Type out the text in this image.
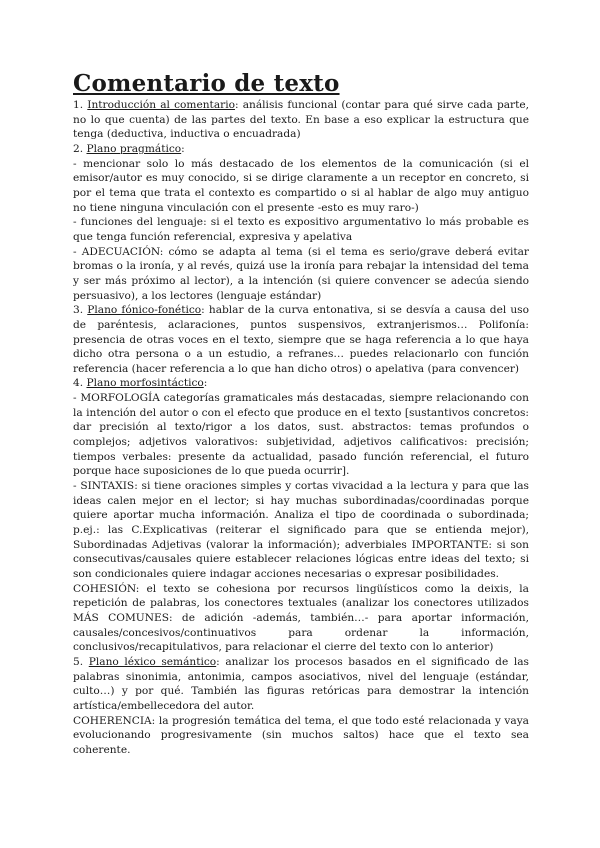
Comentario de texto

1. Introducción al comentario: análisis funcional (contar para qué sirve cada parte, no lo que cuenta) de las partes del texto. En base a eso explicar la estructura que tenga (deductiva, inductiva o encuadrada)

2. Plano pragmático:

- mencionar solo lo más destacado de los elementos de la comunicación (si el emisor/autor es muy conocido, si se dirige claramente a un receptor en concreto, si por el tema que trata el contexto es compartido o si al hablar de algo muy antiguo no tiene ninguna vinculación con el presente -esto es muy raro-)

- funciones del lenguaje: si el texto es expositivo argumentativo lo más probable es que tenga función referencial, expresiva y apelativa

- ADECUACIÓN: cómo se adapta al tema (si el tema es serio/grave deberá evitar bromas o la ironía, y al revés, quizá use la ironía para rebajar la intensidad del tema y ser más próximo al lector), a la intención (si quiere convencer se adecúa siendo persuasivo), a los lectores (lenguaje estándar)

3. Plano fónico-fonético: hablar de la curva entonativa, si se desvía a causa del uso de paréntesis, aclaraciones, puntos suspensivos, extranjerismos… Polifonía: presencia de otras voces en el texto, siempre que se haga referencia a lo que haya dicho otra persona o a un estudio, a refranes… puedes relacionarlo con función referencia (hacer referencia a lo que han dicho otros) o apelativa (para convencer)

4. Plano morfosintáctico:

- MORFOLOGÍA categorías gramaticales más destacadas, siempre relacionando con la intención del autor o con el efecto que produce en el texto [sustantivos concretos: dar precisión al texto/rigor a los datos, sust. abstractos: temas profundos o complejos; adjetivos valorativos: subjetividad, adjetivos calificativos: precisión; tiempos verbales: presente da actualidad, pasado función referencial, el futuro porque hace suposiciones de lo que pueda ocurrir].

- SINTAXIS: si tiene oraciones simples y cortas vivacidad a la lectura y para que las ideas calen mejor en el lector; si hay muchas subordinadas/coordinadas porque quiere aportar mucha información. Analiza el tipo de coordinada o subordinada; p.ej.: las C.Explicativas (reiterar el significado para que se entienda mejor), Subordinadas Adjetivas (valorar la información); adverbiales IMPORTANTE: si son consecutivas/causales quiere establecer relaciones lógicas entre ideas del texto; si son condicionales quiere indagar acciones necesarias o expresar posibilidades.

COHESIÓN: el texto se cohesiona por recursos lingüísticos como la deixis, la repetición de palabras, los conectores textuales (analizar los conectores utilizados MÁS COMUNES: de adición -además, también…- para aportar información, causales/concesivos/continuativos para ordenar la información, conclusivos/recapitulativos, para relacionar el cierre del texto con lo anterior)

5. Plano léxico semántico: analizar los procesos basados en el significado de las palabras sinonimia, antonimia, campos asociativos, nivel del lenguaje (estándar, culto…) y por qué. También las figuras retóricas para demostrar la intención artística/embellecedora del autor.

COHERENCIA: la progresión temática del tema, el que todo esté relacionada y vaya evolucionando progresivamente (sin muchos saltos) hace que el texto sea coherente.
